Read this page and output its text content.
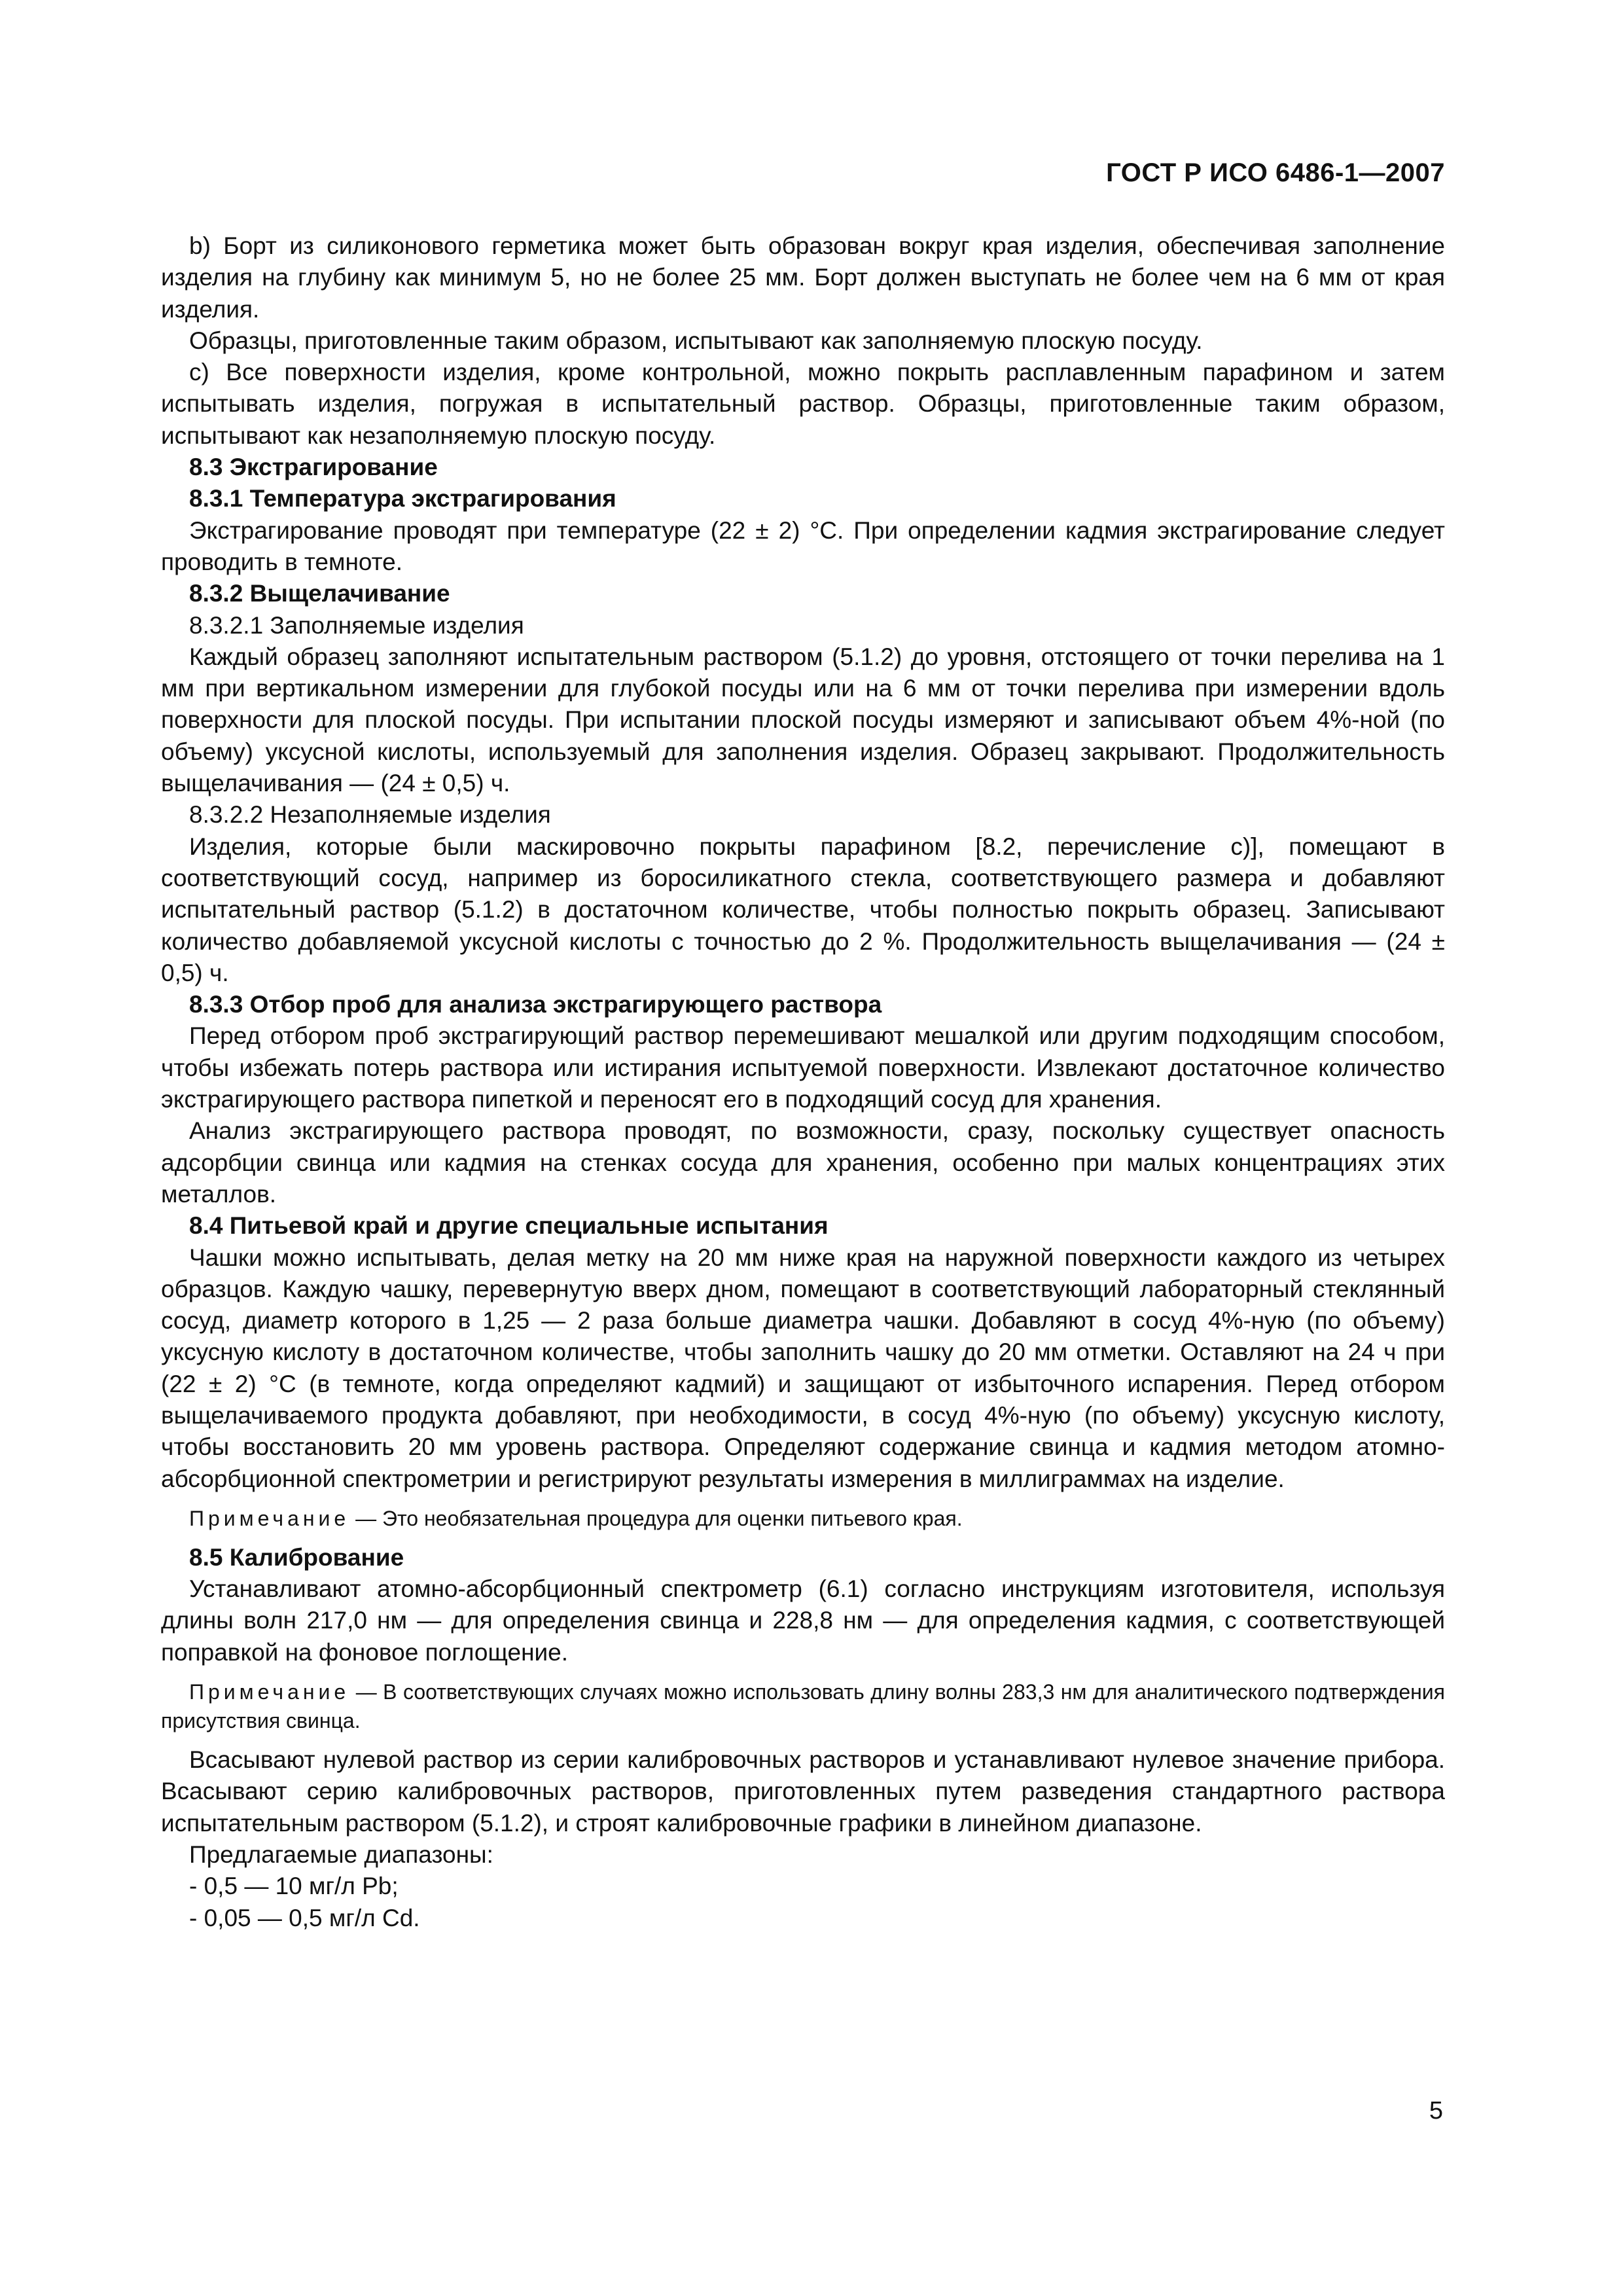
ГОСТ Р ИСО 6486-1—2007

b) Борт из силиконового герметика может быть образован вокруг края изделия, обеспечивая заполнение изделия на глубину как минимум 5, но не более 25 мм. Борт должен выступать не более чем на 6 мм от края изделия.

Образцы, приготовленные таким образом, испытывают как заполняемую плоскую посуду.

c) Все поверхности изделия, кроме контрольной, можно покрыть расплавленным парафином и затем испытывать изделия, погружая в испытательный раствор. Образцы, приготовленные таким образом, испытывают как незаполняемую плоскую посуду.

8.3 Экстрагирование
8.3.1 Температура экстрагирования

Экстрагирование проводят при температуре (22 ± 2) °С. При определении кадмия экстрагирование следует проводить в темноте.

8.3.2 Выщелачивание
8.3.2.1 Заполняемые изделия

Каждый образец заполняют испытательным раствором (5.1.2) до уровня, отстоящего от точки перелива на 1 мм при вертикальном измерении для глубокой посуды или на 6 мм от точки перелива при измерении вдоль поверхности для плоской посуды. При испытании плоской посуды измеряют и записывают объем 4%-ной (по объему) уксусной кислоты, используемый для заполнения изделия. Образец закрывают. Продолжительность выщелачивания — (24 ± 0,5) ч.

8.3.2.2 Незаполняемые изделия

Изделия, которые были маскировочно покрыты парафином [8.2, перечисление c)], помещают в соответствующий сосуд, например из боросиликатного стекла, соответствующего размера и добавляют испытательный раствор (5.1.2) в достаточном количестве, чтобы полностью покрыть образец. Записывают количество добавляемой уксусной кислоты с точностью до 2 %. Продолжительность выщелачивания — (24 ± 0,5) ч.

8.3.3 Отбор проб для анализа экстрагирующего раствора

Перед отбором проб экстрагирующий раствор перемешивают мешалкой или другим подходящим способом, чтобы избежать потерь раствора или истирания испытуемой поверхности. Извлекают достаточное количество экстрагирующего раствора пипеткой и переносят его в подходящий сосуд для хранения.

Анализ экстрагирующего раствора проводят, по возможности, сразу, поскольку существует опасность адсорбции свинца или кадмия на стенках сосуда для хранения, особенно при малых концентрациях этих металлов.

8.4 Питьевой край и другие специальные испытания

Чашки можно испытывать, делая метку на 20 мм ниже края на наружной поверхности каждого из четырех образцов. Каждую чашку, перевернутую вверх дном, помещают в соответствующий лабораторный стеклянный сосуд, диаметр которого в 1,25 — 2 раза больше диаметра чашки. Добавляют в сосуд 4%-ную (по объему) уксусную кислоту в достаточном количестве, чтобы заполнить чашку до 20 мм отметки. Оставляют на 24 ч при (22 ± 2) °С (в темноте, когда определяют кадмий) и защищают от избыточного испарения. Перед отбором выщелачиваемого продукта добавляют, при необходимости, в сосуд 4%-ную (по объему) уксусную кислоту, чтобы восстановить 20 мм уровень раствора. Определяют содержание свинца и кадмия методом атомно-абсорбционной спектрометрии и регистрируют результаты измерения в миллиграммах на изделие.

Примечание — Это необязательная процедура для оценки питьевого края.

8.5 Калибрование

Устанавливают атомно-абсорбционный спектрометр (6.1) согласно инструкциям изготовителя, используя длины волн 217,0 нм — для определения свинца и 228,8 нм — для определения кадмия, с соответствующей поправкой на фоновое поглощение.

Примечание — В соответствующих случаях можно использовать длину волны 283,3 нм для аналитического подтверждения присутствия свинца.

Всасывают нулевой раствор из серии калибровочных растворов и устанавливают нулевое значение прибора. Всасывают серию калибровочных растворов, приготовленных путем разведения стандартного раствора испытательным раствором (5.1.2), и строят калибровочные графики в линейном диапазоне.

Предлагаемые диапазоны:

- 0,5 — 10 мг/л Pb;
- 0,05 — 0,5 мг/л Cd.

5
